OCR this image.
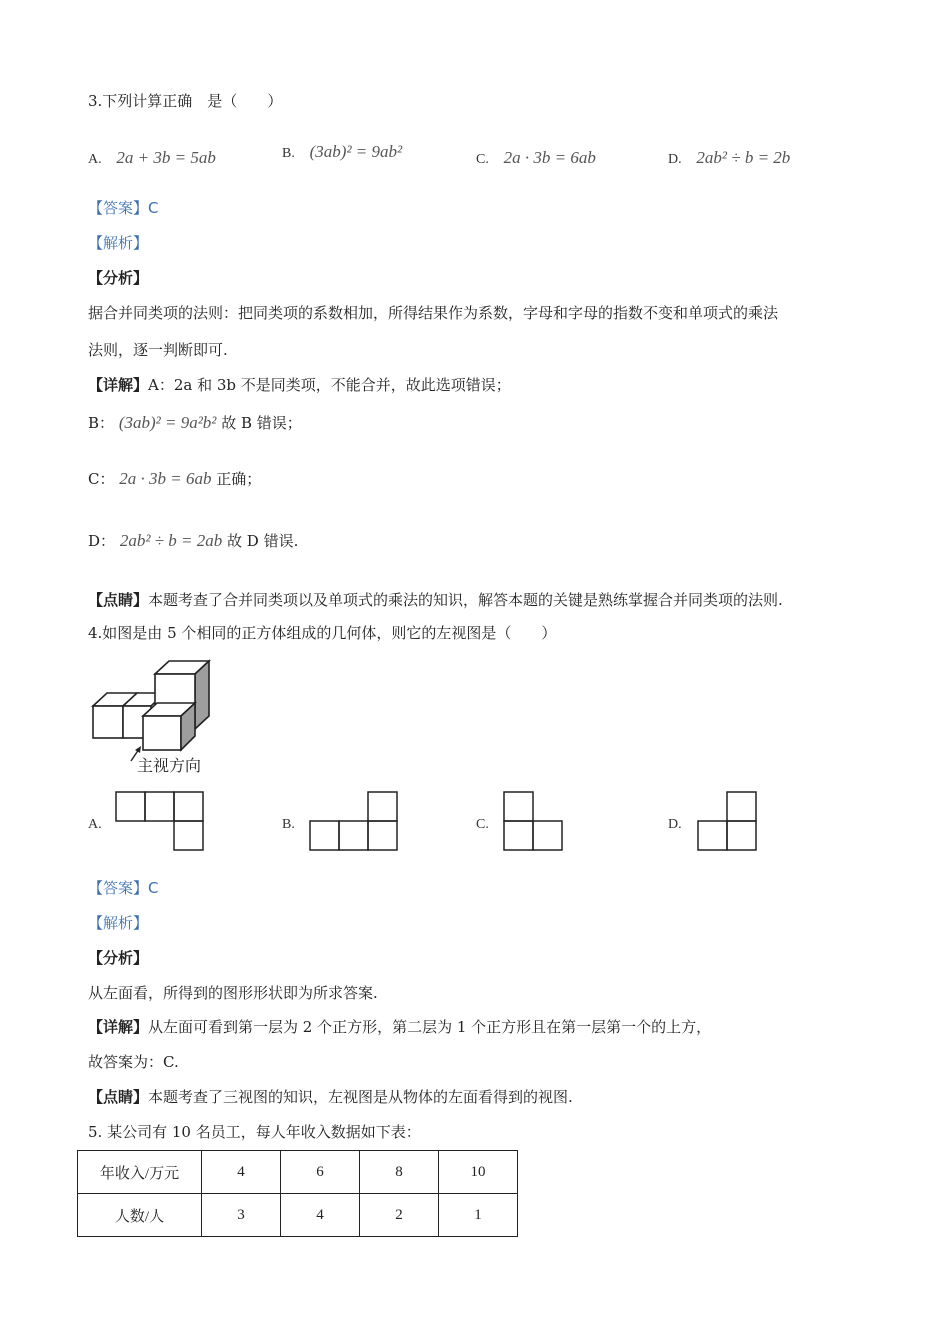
3.下列计算正确　是（　　）
A. 2a + 3b = 5ab	B. (3ab)² = 9ab²	C. 2a · 3b = 6ab	D. 2ab² ÷ b = 2b
【答案】C
【解析】
【分析】
据合并同类项的法则：把同类项的系数相加，所得结果作为系数，字母和字母的指数不变和单项式的乘法
法则，逐一判断即可.
【详解】A：2a 和 3b 不是同类项，不能合并，故此选项错误；
B： (3ab)² = 9a²b² 故 B 错误；
C： 2a · 3b = 6ab 正确；
D： 2ab² ÷ b = 2ab 故 D 错误.
【点睛】本题考查了合并同类项以及单项式的乘法的知识，解答本题的关键是熟练掌握合并同类项的法则.
4.如图是由 5 个相同的正方体组成的几何体，则它的左视图是（　　）
主视方向
A.	B.	C.	D.
【答案】C
【解析】
【分析】
从左面看，所得到的图形形状即为所求答案.
【详解】从左面可看到第一层为 2 个正方形，第二层为 1 个正方形且在第一层第一个的上方，
故答案为：C.
【点睛】本题考查了三视图的知识，左视图是从物体的左面看得到的视图.
5. 某公司有 10 名员工，每人年收入数据如下表：
年收入/万元	4	6	8	10
人数/人	3	4	2	1
